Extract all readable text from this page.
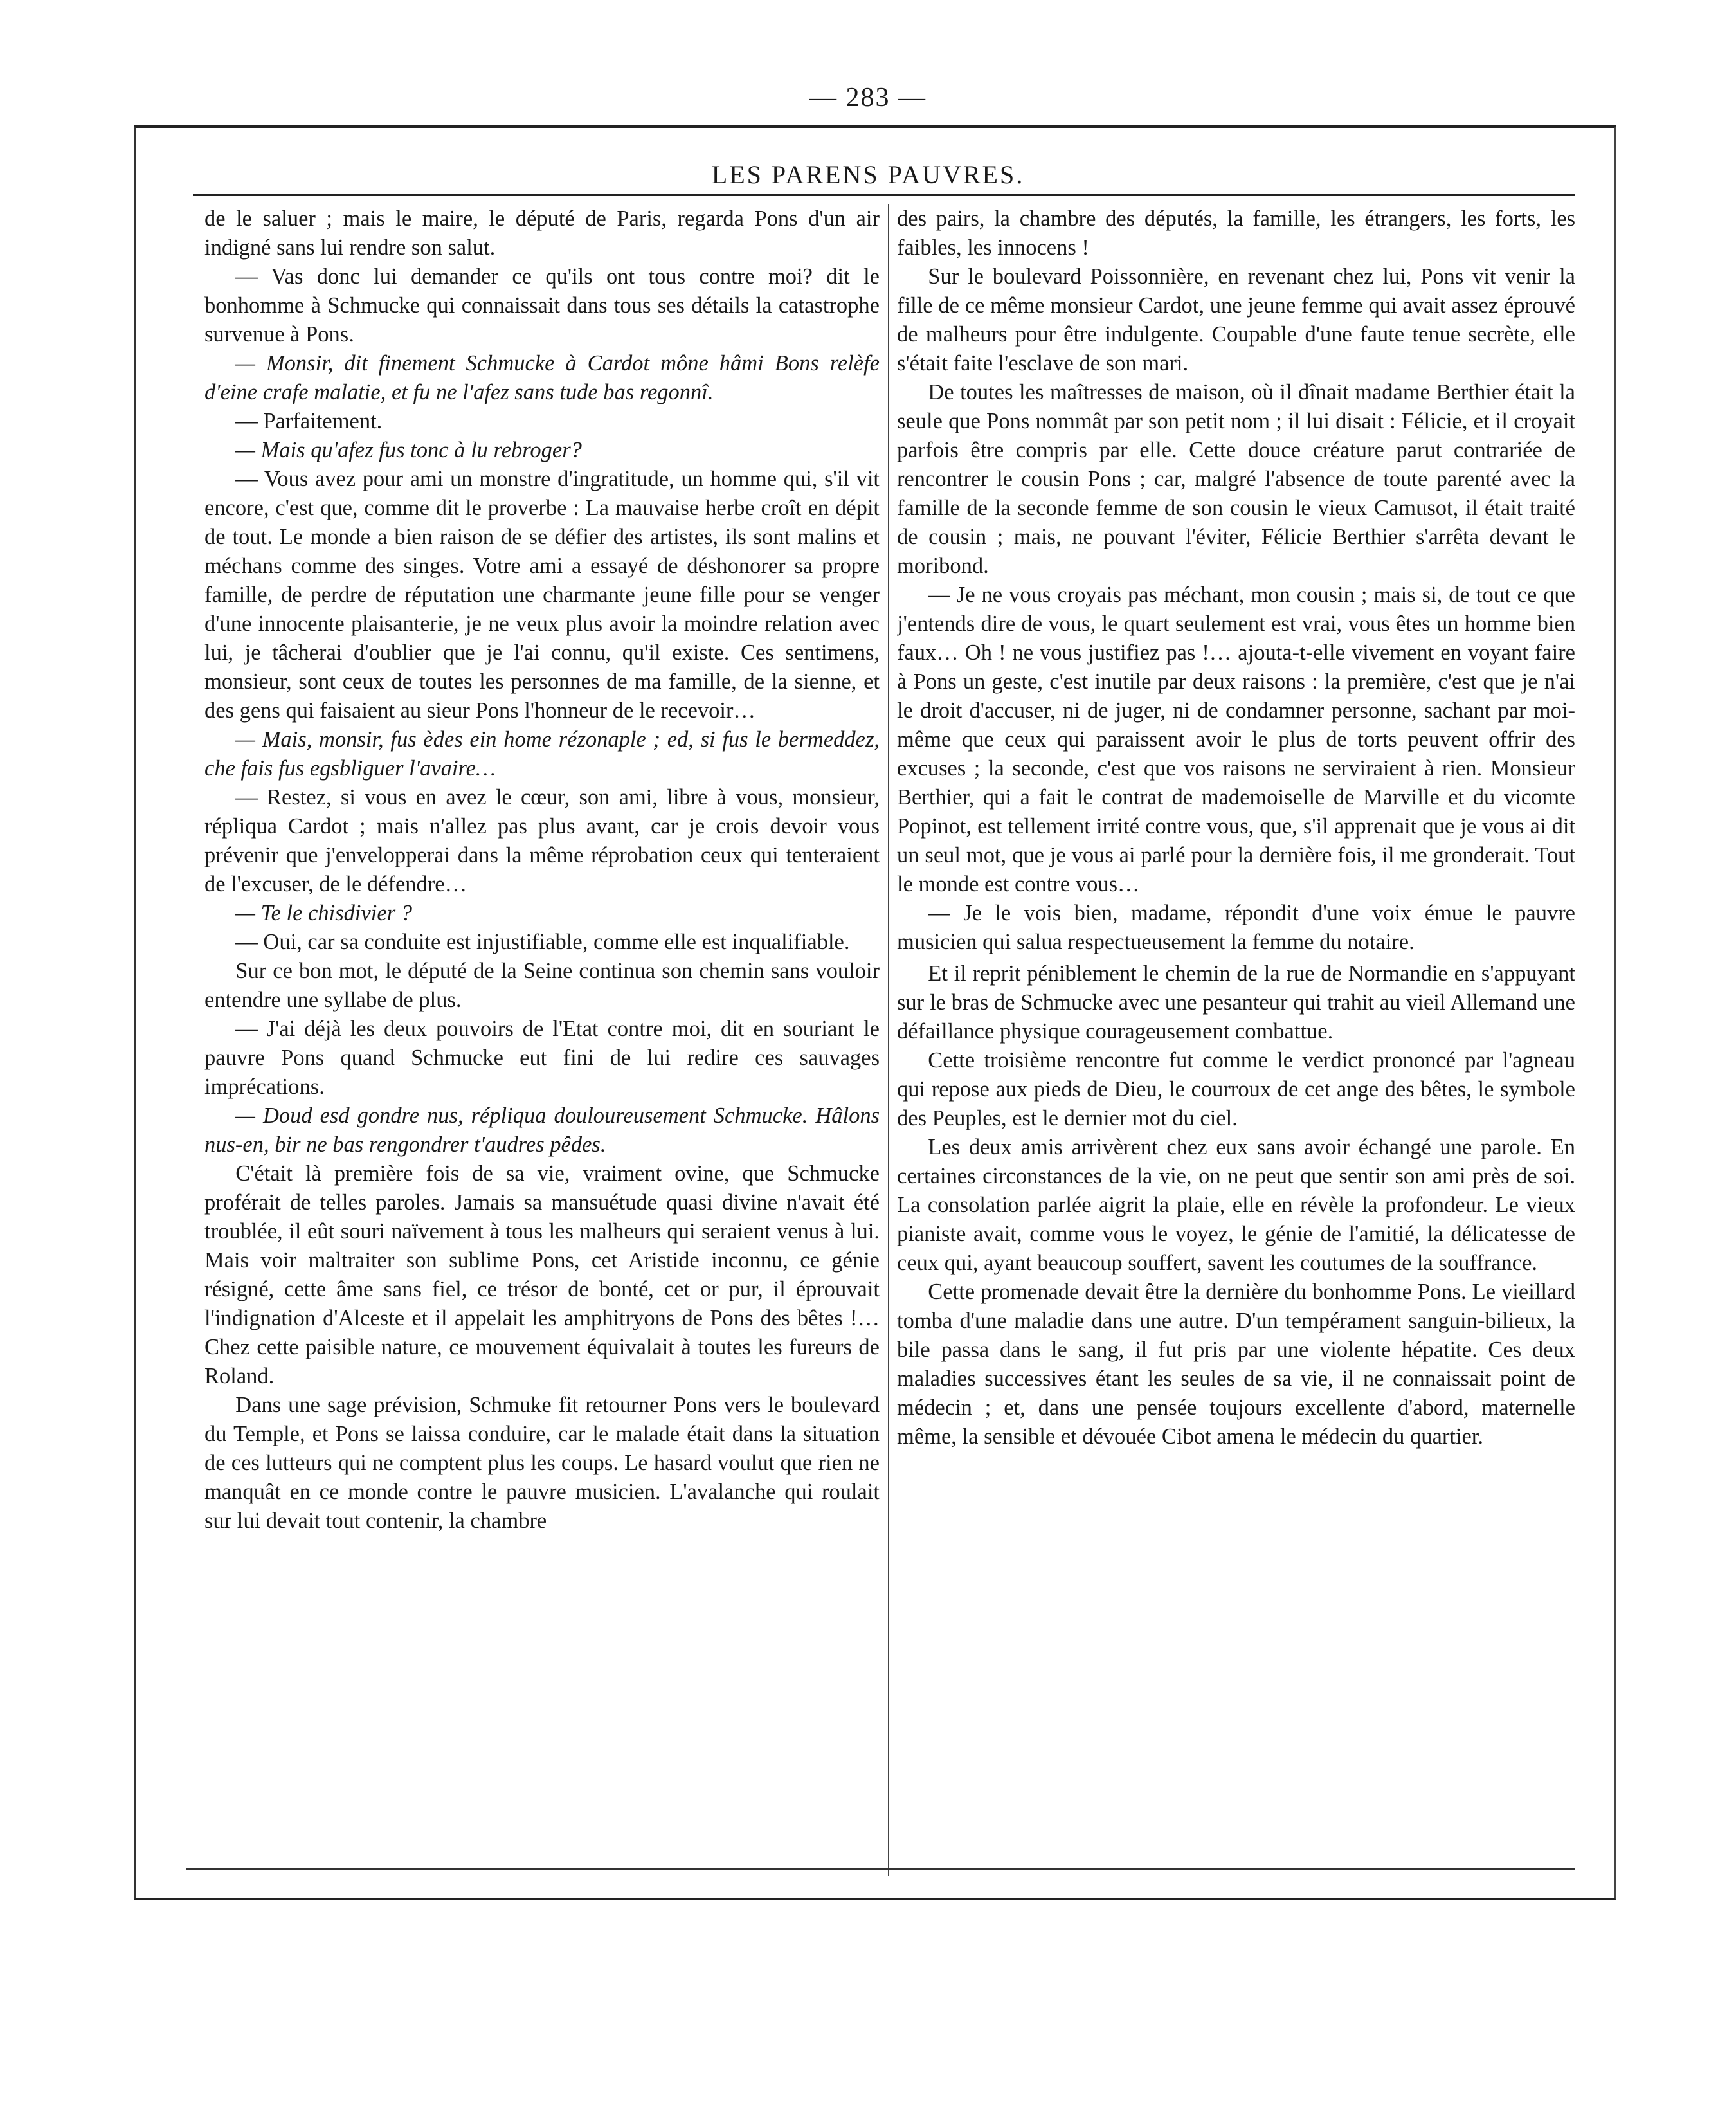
— 283 —
LES PARENS PAUVRES.

de le saluer ; mais le maire, le député de Paris, regarda Pons d'un air indigné sans lui rendre son salut.

— Vas donc lui demander ce qu'ils ont tous contre moi? dit le bonhomme à Schmucke qui connaissait dans tous ses détails la catastrophe survenue à Pons.

— Monsir, dit finement Schmucke à Cardot mône hâmi Bons relèfe d'eine crafe malatie, et fu ne l'afez sans tude bas regonnî.

— Parfaitement.

— Mais qu'afez fus tonc à lu rebroger?

— Vous avez pour ami un monstre d'ingratitude, un homme qui, s'il vit encore, c'est que, comme dit le proverbe : La mauvaise herbe croît en dépit de tout. Le monde a bien raison de se défier des artistes, ils sont malins et méchans comme des singes. Votre ami a essayé de déshonorer sa propre famille, de perdre de réputation une charmante jeune fille pour se venger d'une innocente plaisanterie, je ne veux plus avoir la moindre relation avec lui, je tâcherai d'oublier que je l'ai connu, qu'il existe. Ces sentimens, monsieur, sont ceux de toutes les personnes de ma famille, de la sienne, et des gens qui faisaient au sieur Pons l'honneur de le recevoir…

— Mais, monsir, fus èdes ein home rézonaple ; ed, si fus le bermeddez, che fais fus egsbliguer l'avaire…

— Restez, si vous en avez le cœur, son ami, libre à vous, monsieur, répliqua Cardot ; mais n'allez pas plus avant, car je crois devoir vous prévenir que j'envelopperai dans la même réprobation ceux qui tenteraient de l'excuser, de le défendre…

— Te le chisdivier ?

— Oui, car sa conduite est injustifiable, comme elle est inqualifiable.

Sur ce bon mot, le député de la Seine continua son chemin sans vouloir entendre une syllabe de plus.

— J'ai déjà les deux pouvoirs de l'Etat contre moi, dit en souriant le pauvre Pons quand Schmucke eut fini de lui redire ces sauvages imprécations.

— Doud esd gondre nus, répliqua douloureusement Schmucke. Hâlons nus-en, bir ne bas rengondrer t'audres pêdes.

C'était là première fois de sa vie, vraiment ovine, que Schmucke proférait de telles paroles. Jamais sa mansuétude quasi divine n'avait été troublée, il eût souri naïvement à tous les malheurs qui seraient venus à lui. Mais voir maltraiter son sublime Pons, cet Aristide inconnu, ce génie résigné, cette âme sans fiel, ce trésor de bonté, cet or pur, il éprouvait l'indignation d'Alceste et il appelait les amphitryons de Pons des bêtes !… Chez cette paisible nature, ce mouvement équivalait à toutes les fureurs de Roland.

Dans une sage prévision, Schmuke fit retourner Pons vers le boulevard du Temple, et Pons se laissa conduire, car le malade était dans la situation de ces lutteurs qui ne comptent plus les coups. Le hasard voulut que rien ne manquât en ce monde contre le pauvre musicien. L'avalanche qui roulait sur lui devait tout contenir, la chambre

des pairs, la chambre des députés, la famille, les étrangers, les forts, les faibles, les innocens !

Sur le boulevard Poissonnière, en revenant chez lui, Pons vit venir la fille de ce même monsieur Cardot, une jeune femme qui avait assez éprouvé de malheurs pour être indulgente. Coupable d'une faute tenue secrète, elle s'était faite l'esclave de son mari.

De toutes les maîtresses de maison, où il dînait madame Berthier était la seule que Pons nommât par son petit nom ; il lui disait : Félicie, et il croyait parfois être compris par elle. Cette douce créature parut contrariée de rencontrer le cousin Pons ; car, malgré l'absence de toute parenté avec la famille de la seconde femme de son cousin le vieux Camusot, il était traité de cousin ; mais, ne pouvant l'éviter, Félicie Berthier s'arrêta devant le moribond.

— Je ne vous croyais pas méchant, mon cousin ; mais si, de tout ce que j'entends dire de vous, le quart seulement est vrai, vous êtes un homme bien faux… Oh ! ne vous justifiez pas !… ajouta-t-elle vivement en voyant faire à Pons un geste, c'est inutile par deux raisons : la première, c'est que je n'ai le droit d'accuser, ni de juger, ni de condamner personne, sachant par moi-même que ceux qui paraissent avoir le plus de torts peuvent offrir des excuses ; la seconde, c'est que vos raisons ne serviraient à rien. Monsieur Berthier, qui a fait le contrat de mademoiselle de Marville et du vicomte Popinot, est tellement irrité contre vous, que, s'il apprenait que je vous ai dit un seul mot, que je vous ai parlé pour la dernière fois, il me gronderait. Tout le monde est contre vous…

— Je le vois bien, madame, répondit d'une voix émue le pauvre musicien qui salua respectueusement la femme du notaire.

Et il reprit péniblement le chemin de la rue de Normandie en s'appuyant sur le bras de Schmucke avec une pesanteur qui trahit au vieil Allemand une défaillance physique courageusement combattue.

Cette troisième rencontre fut comme le verdict prononcé par l'agneau qui repose aux pieds de Dieu, le courroux de cet ange des bêtes, le symbole des Peuples, est le dernier mot du ciel.

Les deux amis arrivèrent chez eux sans avoir échangé une parole. En certaines circonstances de la vie, on ne peut que sentir son ami près de soi. La consolation parlée aigrit la plaie, elle en révèle la profondeur. Le vieux pianiste avait, comme vous le voyez, le génie de l'amitié, la délicatesse de ceux qui, ayant beaucoup souffert, savent les coutumes de la souffrance.

Cette promenade devait être la dernière du bonhomme Pons. Le vieillard tomba d'une maladie dans une autre. D'un tempérament sanguin-bilieux, la bile passa dans le sang, il fut pris par une violente hépatite. Ces deux maladies successives étant les seules de sa vie, il ne connaissait point de médecin ; et, dans une pensée toujours excellente d'abord, maternelle même, la sensible et dévouée Cibot amena le médecin du quartier.
